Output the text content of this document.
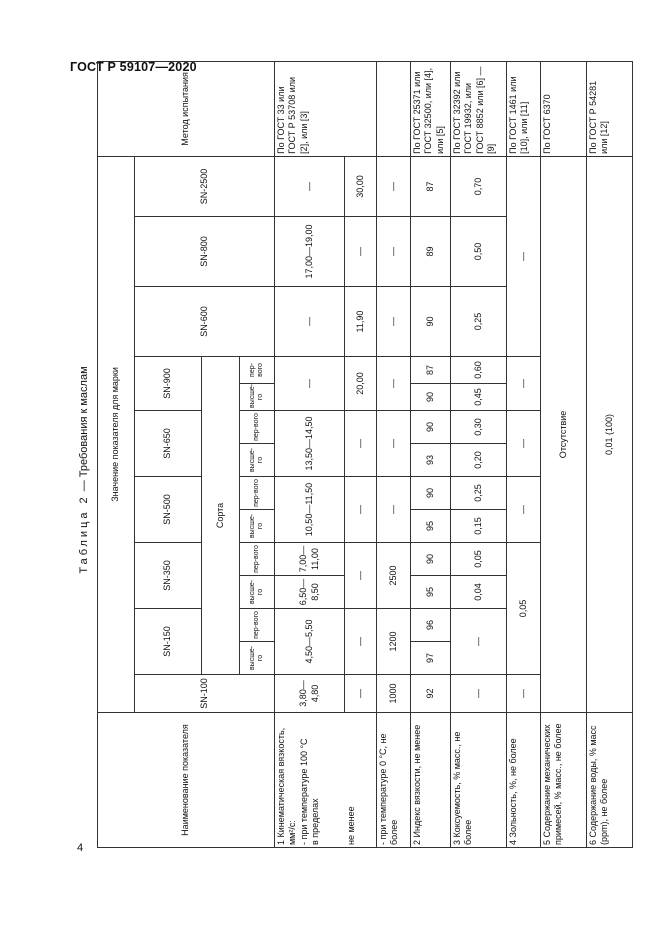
ГОСТ Р 59107—2020
4
Таблица 2 — Требования к маслам
Наименование показателя	Значение показателя для марки														Метод испытания
	SN-100	SN-150		SN-350		SN-500		SN-650		SN-900		SN-600	SN-800	SN-2500	
		Сорта													
		высше-го	пер-вого	высше-го	пер-вого	высше-го	пер-вого	высше-го	пер-вого	высше-го	пер-вого				

1 Кинематическая вязкость, мм²/с: - при температуре 100 °С в пределах	3,80—4,80	4,50—5,50		6,50—8,50	7,00—11,00	10,50—11,50		13,50—14,50		—		—	17,00—19,00	—	По ГОСТ 33 или ГОСТ Р 53708 или [2], или [3]
не менее	—	—		—		—		—		20,00		11,90	—	30,00	
- при температуре 0 °С, не более	1000	1200		2500		—		—		—		—	—	—	
2 Индекс вязкости, не менее	92	97	96	95	90	95	90	93	90	90	87	90	89	87	По ГОСТ 25371 или ГОСТ 32500, или [4], или [5]
3 Коксуемость, % масс., не более	—	—		0,04	0,05	0,15	0,25	0,20	0,30	0,45	0,60	0,25	0,50	0,70	По ГОСТ 32392 или ГОСТ 19932, или ГОСТ 8852 или [6] — [9]
4 Зольность, %, не более	—	0,05				—		—		—		—			По ГОСТ 1461 или [10], или [11]
5 Содержание механических примесей, % масс., не более	Отсутствие														По ГОСТ 6370
6 Содержание воды, % масс (ppm), не более	0,01 (100)														По ГОСТ Р 54281 или [12]
